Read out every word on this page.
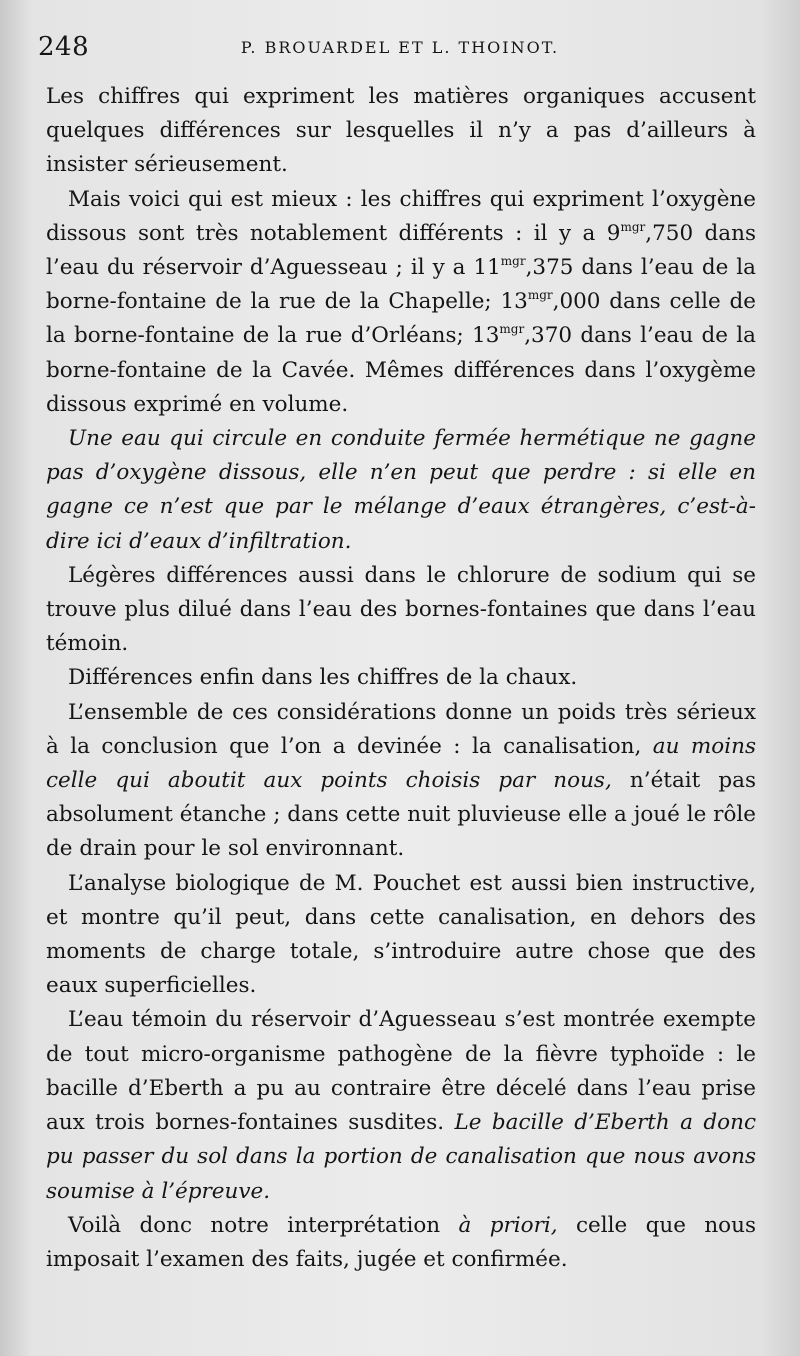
248	P. BROUARDEL ET L. THOINOT.

Les chiffres qui expriment les matières organiques accusent quelques différences sur lesquelles il n’y a pas d’ailleurs à insister sérieusement.

Mais voici qui est mieux : les chiffres qui expriment l’oxygène dissous sont très notablement différents : il y a $9^{mgr},750$ dans l’eau du réservoir d’Aguesseau ; il y a $11^{mgr},375$ dans l’eau de la borne-fontaine de la rue de la Chapelle; $13^{mgr},000$ dans celle de la borne-fontaine de la rue d’Orléans; $13^{mgr},370$ dans l’eau de la borne-fontaine de la Cavée. Mêmes différences dans l’oxygème dissous exprimé en volume.

Une eau qui circule en conduite fermée hermétique ne gagne pas d’oxygène dissous, elle n’en peut que perdre : si elle en gagne ce n’est que par le mélange d’eaux étrangères, c’est-à-dire ici d’eaux d’infiltration.

Légères différences aussi dans le chlorure de sodium qui se trouve plus dilué dans l’eau des bornes-fontaines que dans l’eau témoin.

Différences enfin dans les chiffres de la chaux.

L’ensemble de ces considérations donne un poids très sérieux à la conclusion que l’on a devinée : la canalisation, au moins celle qui aboutit aux points choisis par nous, n’était pas absolument étanche ; dans cette nuit pluvieuse elle a joué le rôle de drain pour le sol environnant.

L’analyse biologique de M. Pouchet est aussi bien instructive, et montre qu’il peut, dans cette canalisation, en dehors des moments de charge totale, s’introduire autre chose que des eaux superficielles.

L’eau témoin du réservoir d’Aguesseau s’est montrée exempte de tout micro-organisme pathogène de la fièvre typhoïde : le bacille d’Eberth a pu au contraire être décelé dans l’eau prise aux trois bornes-fontaines susdites. Le bacille d’Eberth a donc pu passer du sol dans la portion de canalisation que nous avons soumise à l’épreuve.

Voilà donc notre interprétation à priori, celle que nous imposait l’examen des faits, jugée et confirmée.
